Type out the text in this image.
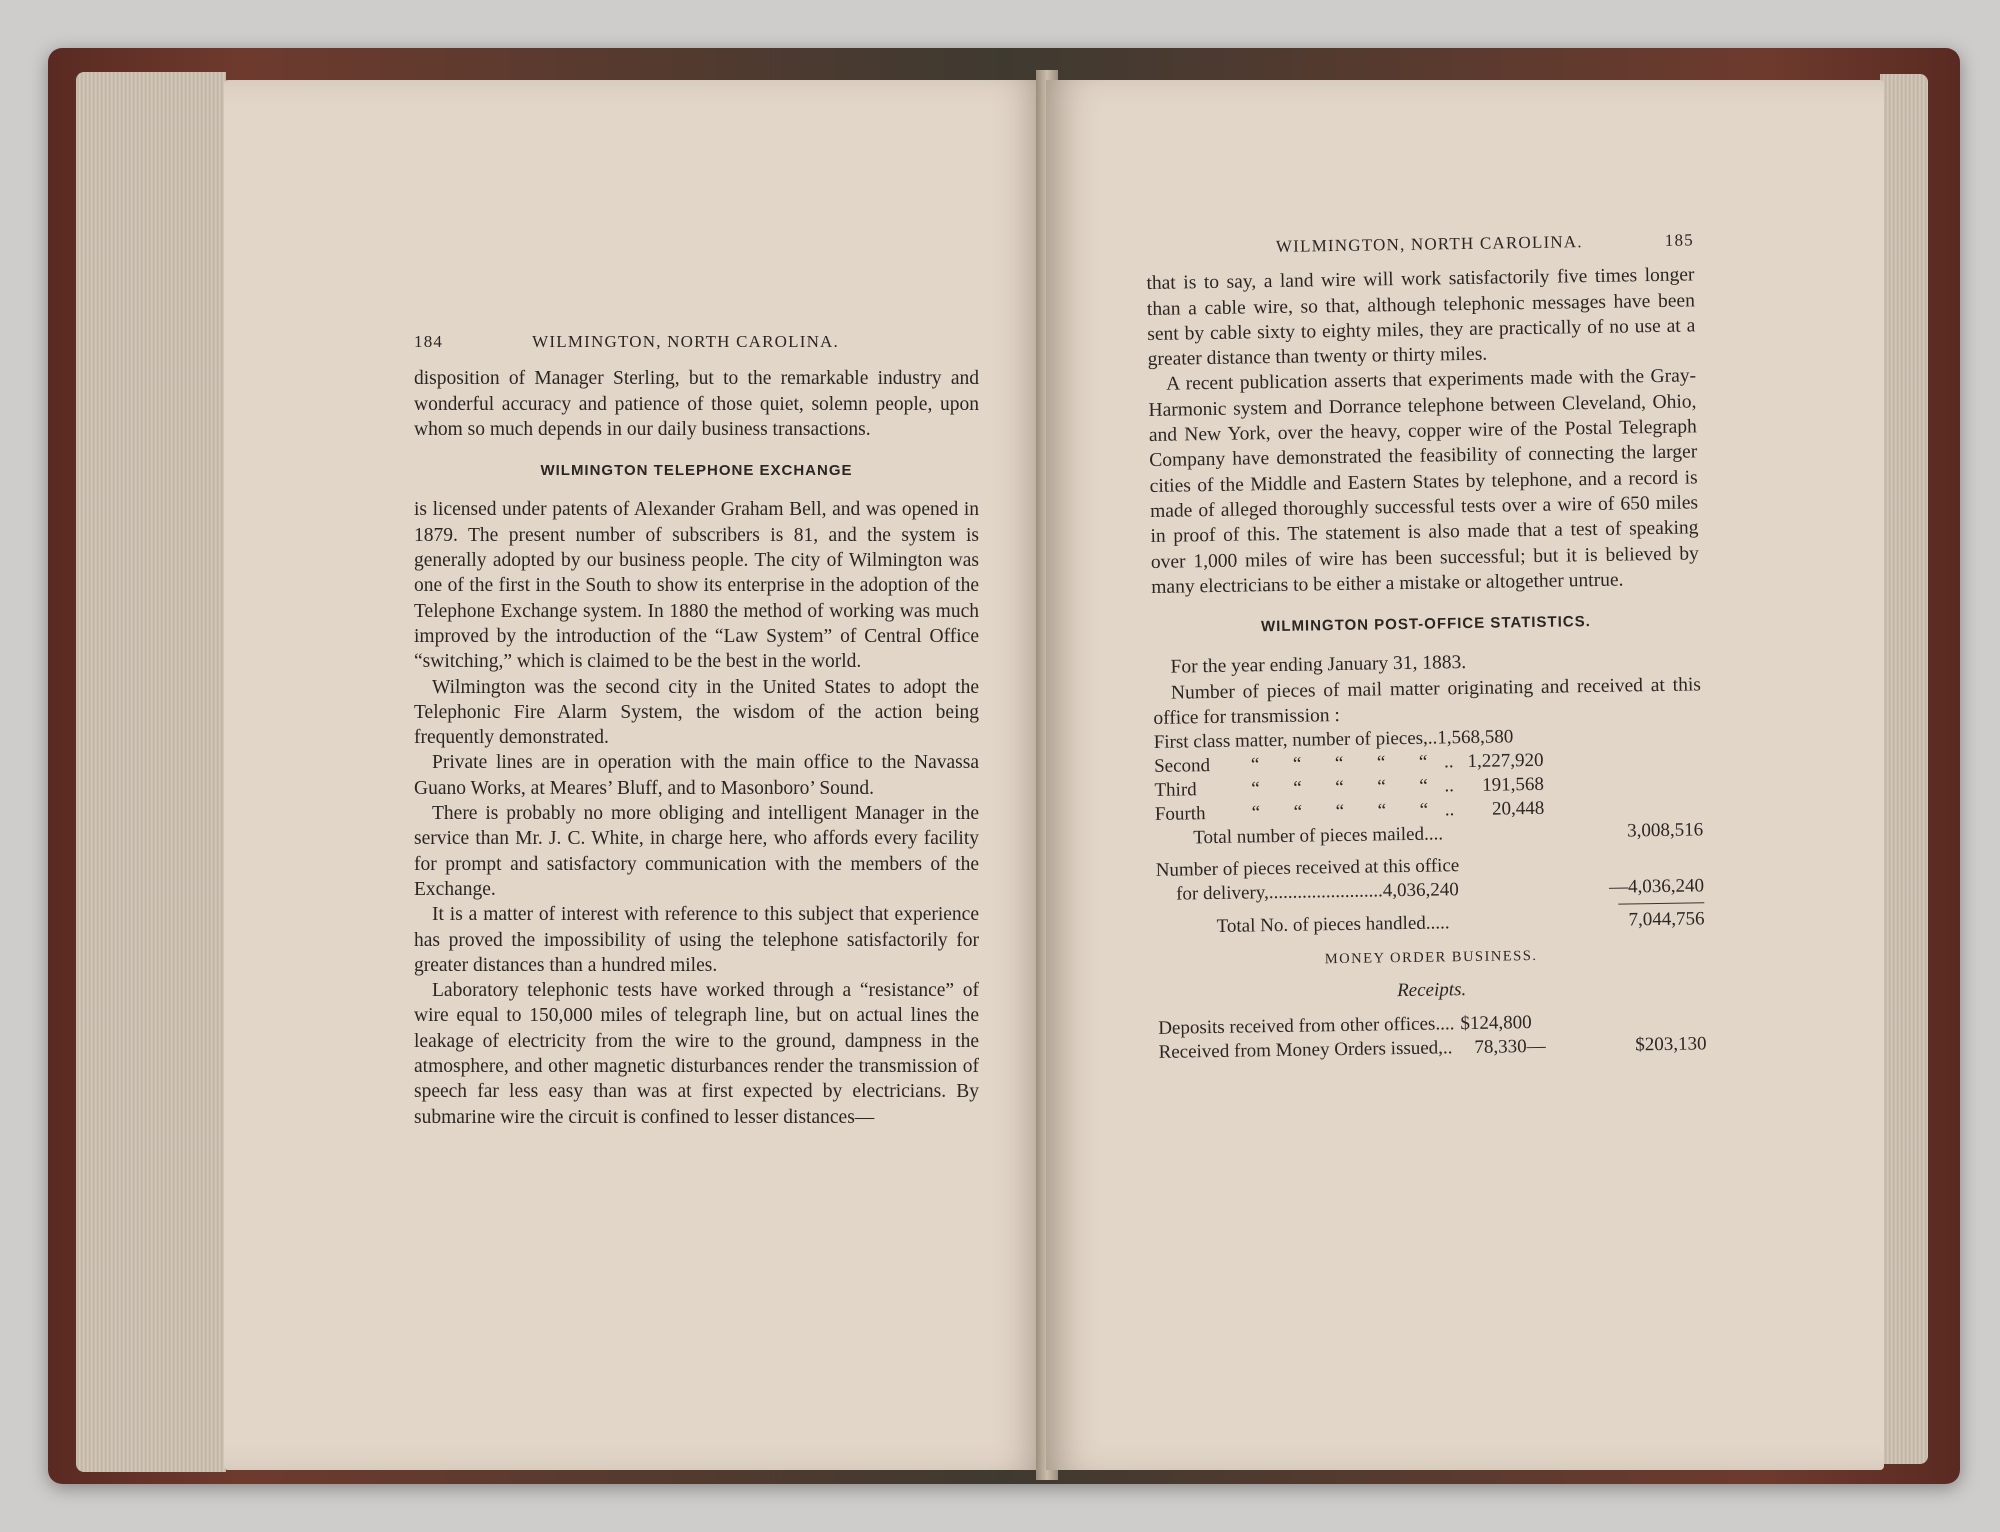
184	WILMINGTON, NORTH CAROLINA.

disposition of Manager Sterling, but to the remarkable industry and wonderful accuracy and patience of those quiet, solemn people, upon whom so much depends in our daily business transactions.

WILMINGTON TELEPHONE EXCHANGE

is licensed under patents of Alexander Graham Bell, and was opened in 1879. The present number of subscribers is 81, and the system is generally adopted by our business people. The city of Wilmington was one of the first in the South to show its enterprise in the adoption of the Telephone Exchange system. In 1880 the method of working was much improved by the introduction of the “Law System” of Central Office “switching,” which is claimed to be the best in the world.

Wilmington was the second city in the United States to adopt the Telephonic Fire Alarm System, the wisdom of the action being frequently demonstrated.

Private lines are in operation with the main office to the Navassa Guano Works, at Meares’ Bluff, and to Masonboro’ Sound.

There is probably no more obliging and intelligent Manager in the service than Mr. J. C. White, in charge here, who affords every facility for prompt and satisfactory communication with the members of the Exchange.

It is a matter of interest with reference to this subject that experience has proved the impossibility of using the telephone satisfactorily for greater distances than a hundred miles.

Laboratory telephonic tests have worked through a “resistance” of wire equal to 150,000 miles of telegraph line, but on actual lines the leakage of electricity from the wire to the ground, dampness in the atmosphere, and other magnetic disturbances render the transmission of speech far less easy than was at first expected by electricians. By submarine wire the circuit is confined to lesser distances—

WILMINGTON, NORTH CAROLINA.	185

that is to say, a land wire will work satisfactorily five times longer than a cable wire, so that, although telephonic messages have been sent by cable sixty to eighty miles, they are practically of no use at a greater distance than twenty or thirty miles.

A recent publication asserts that experiments made with the Gray-Harmonic system and Dorrance telephone between Cleveland, Ohio, and New York, over the heavy, copper wire of the Postal Telegraph Company have demonstrated the feasibility of connecting the larger cities of the Middle and Eastern States by telephone, and a record is made of alleged thoroughly successful tests over a wire of 650 miles in proof of this. The statement is also made that a test of speaking over 1,000 miles of wire has been successful; but it is believed by many electricians to be either a mistake or altogether untrue.

WILMINGTON POST-OFFICE STATISTICS.

For the year ending January 31, 1883.

Number of pieces of mail matter originating and received at this office for transmission :

First class matter, number of pieces, .. 1,568,580
Second	“	“	“	“	“ .. 1,227,920
Third	“	“	“	“	“ ..	191,568
Fourth	“	“	“	“	“ ..	20,448
Total number of pieces mailed....	3,008,516
Number of pieces received at this office
for delivery, ........................ 4,036,240	—4,036,240
Total No. of pieces handled.....	7,044,756
MONEY ORDER BUSINESS.
Receipts.
Deposits received from other offices.... $124,800
Received from Money Orders issued,.. 78,330—	$203,130
